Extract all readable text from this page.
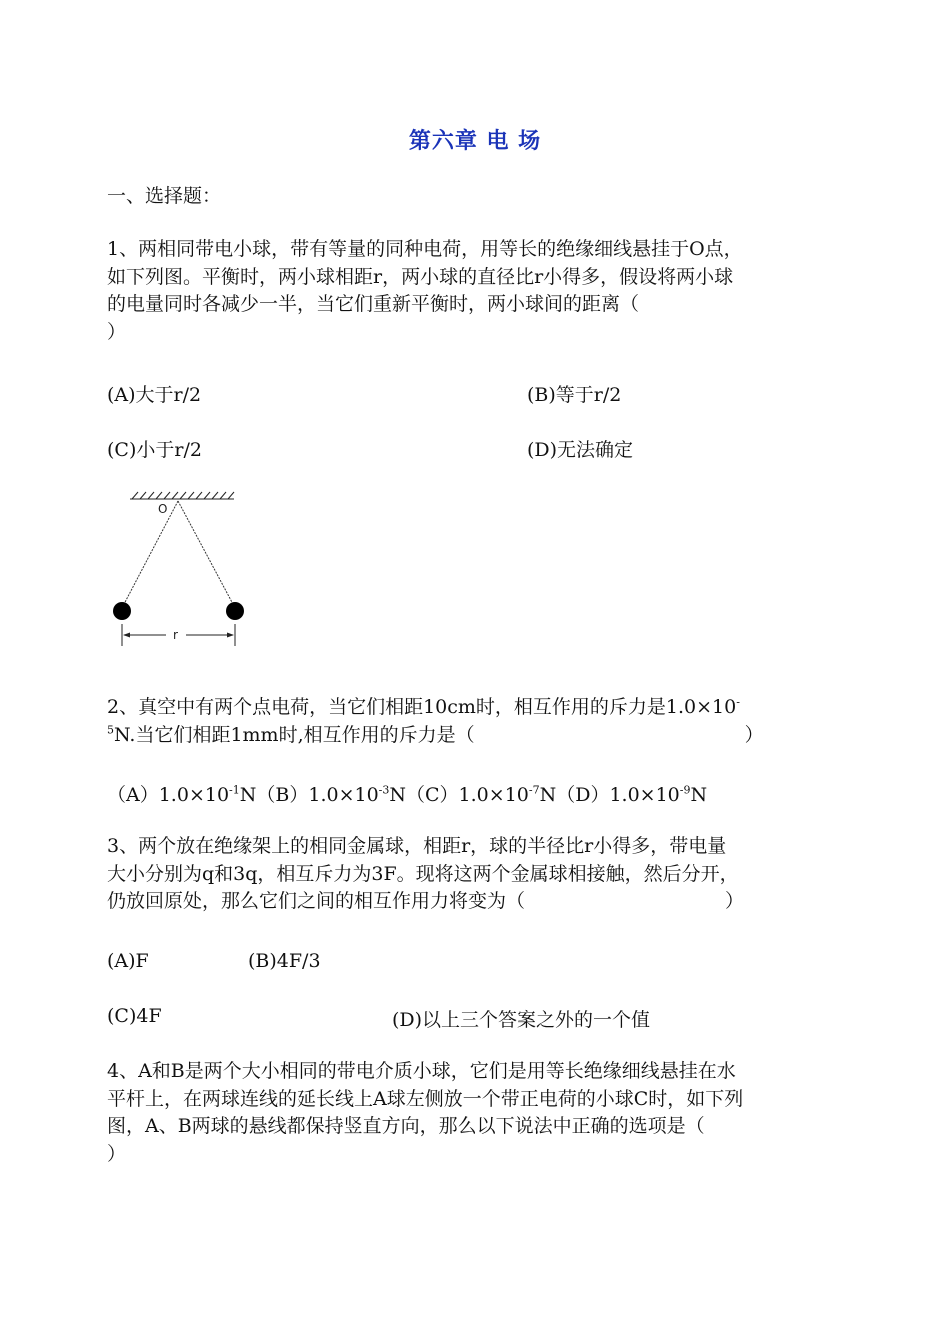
第六章 电 场
一、选择题：

1、两相同带电小球，带有等量的同种电荷，用等长的绝缘细线悬挂于O点，

如下列图。平衡时，两小球相距r，两小球的直径比r小得多，假设将两小球

的电量同时各减少一半，当它们重新平衡时，两小球间的距离（

）

(A)大于r/2	(B)等于r/2
(C)小于r/2	(D)无法确定
O
r

2、真空中有两个点电荷，当它们相距10cm时，相互作用的斥力是1.0×10-

$^5$N.当它们相距1mm时,相互作用的斥力是（	）

$(A)1.0\times 10^{-1}N(B)1.0\times 10^{-3}N(C)1.0\times 10^{-7}N(D)1.0\times 10^{-9}N$

3、两个放在绝缘架上的相同金属球，相距r，球的半径比r小得多，带电量

大小分别为q和3q，相互斥力为3F。现将这两个金属球相接触，然后分开，

仍放回原处，那么它们之间的相互作用力将变为（	）

(A)F	(B)4F/3
(C)4F	(D)以上三个答案之外的一个值

4、A和B是两个大小相同的带电介质小球，它们是用等长绝缘细线悬挂在水

平杆上，在两球连线的延长线上A球左侧放一个带正电荷的小球C时，如下列

图，A、B两球的悬线都保持竖直方向，那么以下说法中正确的选项是（

）
